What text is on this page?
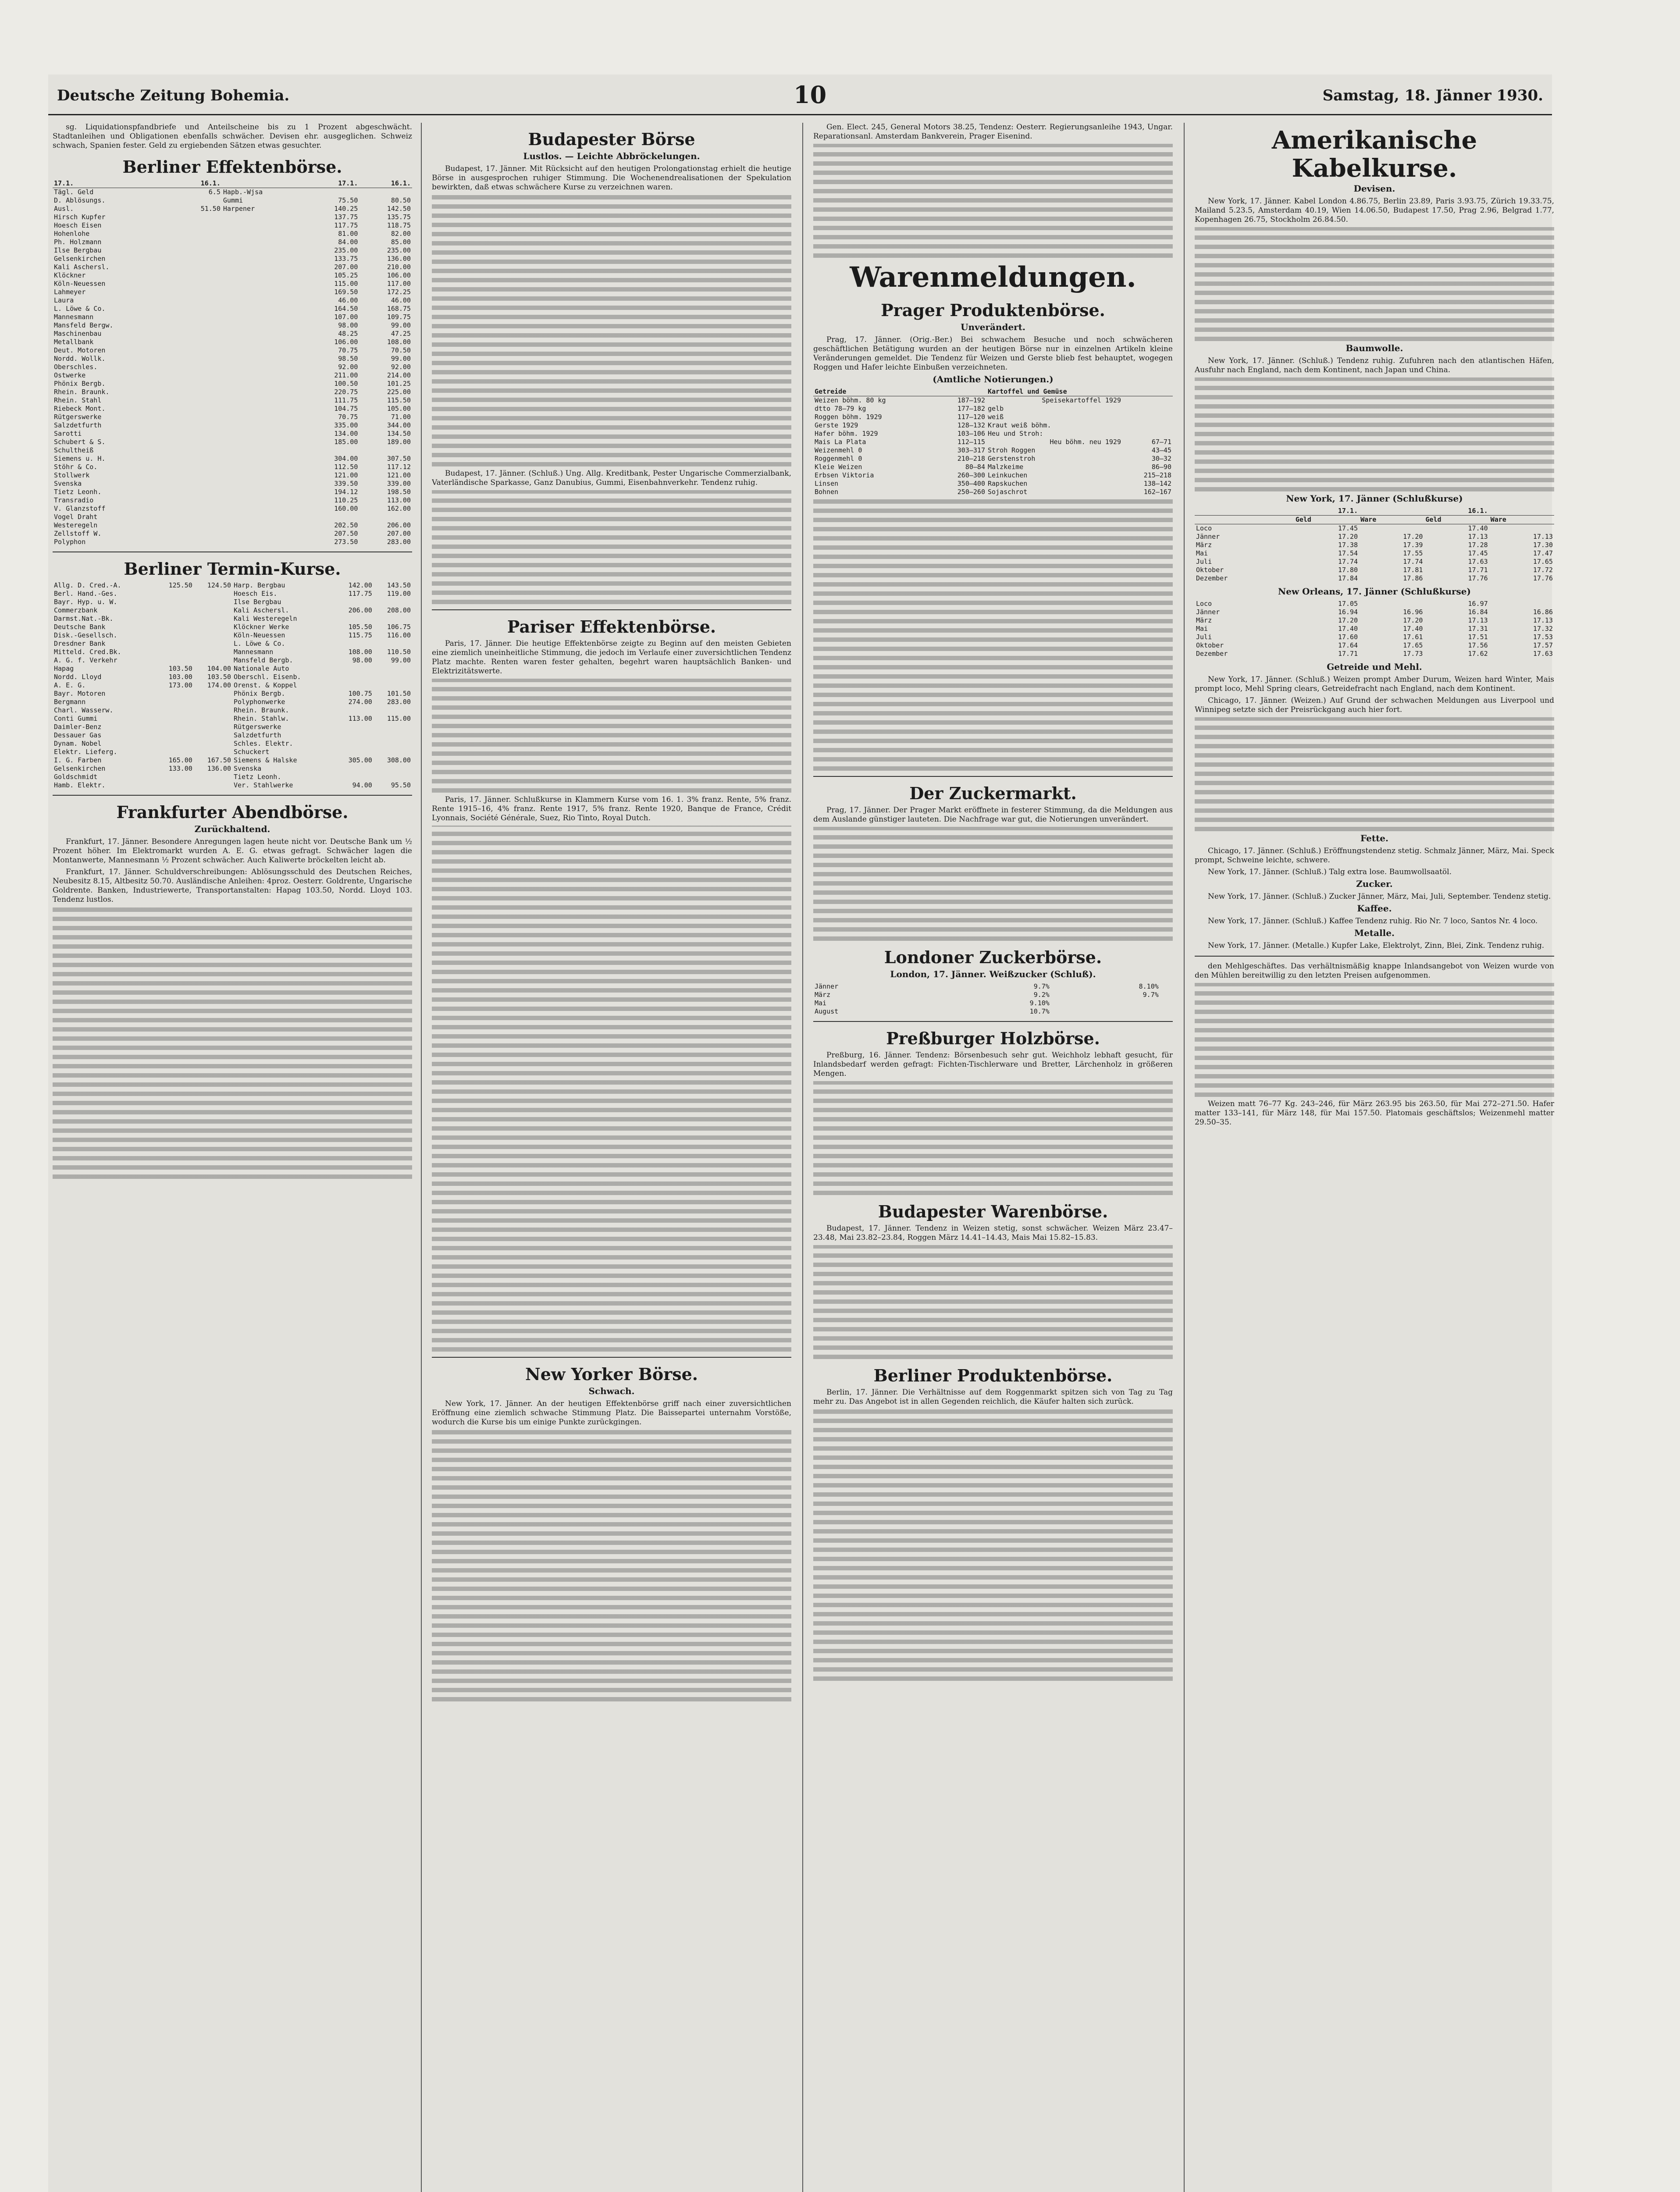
Deutsche Zeitung Bohemia.	10	Samstag, 18. Jänner 1930.

sg. Liquidationspfandbriefe und Anteilscheine bis zu 1 Prozent abgeschwächt. Stadtanleihen und Obligationen ebenfalls schwächer. Devisen ehr. ausgeglichen. Schweiz schwach, Spanien fester. Geld zu ergiebenden Sätzen etwas gesuchter.

Berliner Effektenbörse.
17.1.	16.1.		17.1.	16.1.
Tägl. Geld	6.5	Hapb.-Wjsa		
D. Ablösungs.		Gummi	75.50	80.50
Ausl.	51.50	Harpener	140.25	142.50
Hirsch Kupfer			137.75	135.75
Hoesch Eisen			117.75	118.75
Hohenlohe			81.00	82.00
Ph. Holzmann			84.00	85.00
Ilse Bergbau			235.00	235.00
Gelsenkirchen			133.75	136.00
Kali Aschersl.			207.00	210.00
Klöckner			105.25	106.00
Köln-Neuessen			115.00	117.00
Lahmeyer			169.50	172.25
Laura			46.00	46.00
L. Löwe & Co.			164.50	168.75
Mannesmann			107.00	109.75
Mansfeld Bergw.			98.00	99.00
Maschinenbau			48.25	47.25
Metallbank			106.00	108.00
Deut. Motoren			70.75	70.50
Nordd. Wollk.			98.50	99.00
Oberschles.			92.00	92.00
Ostwerke			211.00	214.00
Phönix Bergb.			100.50	101.25
Rhein. Braunk.			220.75	225.00
Rhein. Stahl			111.75	115.50
Riebeck Mont.			104.75	105.00
Rütgerswerke			70.75	71.00
Salzdetfurth			335.00	344.00
Sarotti			134.00	134.50
Schubert & S.			185.00	189.00
Schultheiß				
Siemens u. H.			304.00	307.50
Stöhr & Co.			112.50	117.12
Stollwerk			121.00	121.00
Svenska			339.50	339.00
Tietz Leonh.			194.12	198.50
Transradio			110.25	113.00
V. Glanzstoff			160.00	162.00
Vogel Draht				
Westeregeln			202.50	206.00
Zellstoff W.			207.50	207.00
Polyphon			273.50	283.00
Berliner Termin-Kurse.
Allg. D. Cred.-A.	125.50	124.50	Harp. Bergbau	142.00	143.50
Berl. Hand.-Ges.			Hoesch Eis.	117.75	119.00
Bayr. Hyp. u. W.			Ilse Bergbau		
Commerzbank			Kali Aschersl.	206.00	208.00
Darmst.Nat.-Bk.			Kali Westeregeln		
Deutsche Bank			Klöckner Werke	105.50	106.75
Disk.-Gesellsch.			Köln-Neuessen	115.75	116.00
Dresdner Bank			L. Löwe & Co.		
Mitteld. Cred.Bk.			Mannesmann	108.00	110.50
A. G. f. Verkehr			Mansfeld Bergb.	98.00	99.00
Hapag	103.50	104.00	Nationale Auto		
Nordd. Lloyd	103.00	103.50	Oberschl. Eisenb.		
A. E. G.	173.00	174.00	Orenst. & Koppel		
Bayr. Motoren			Phönix Bergb.	100.75	101.50
Bergmann			Polyphonwerke	274.00	283.00
Charl. Wasserw.			Rhein. Braunk.		
Conti Gummi			Rhein. Stahlw.	113.00	115.00
Daimler-Benz			Rütgerswerke		
Dessauer Gas			Salzdetfurth		
Dynam. Nobel			Schles. Elektr.		
Elektr. Lieferg.			Schuckert		
I. G. Farben	165.00	167.50	Siemens & Halske	305.00	308.00
Gelsenkirchen	133.00	136.00	Svenska		
Goldschmidt			Tietz Leonh.		
Hamb. Elektr.			Ver. Stahlwerke	94.00	95.50
Frankfurter Abendbörse.
Zurückhaltend.

Frankfurt, 17. Jänner. Besondere Anregungen lagen heute nicht vor. Deutsche Bank um ½ Prozent höher. Im Elektromarkt wurden A. E. G. etwas gefragt. Schwächer lagen die Montanwerte, Mannesmann ½ Prozent schwächer. Auch Kaliwerte bröckelten leicht ab.

Frankfurt, 17. Jänner. Schuldverschreibungen: Ablösungsschuld des Deutschen Reiches, Neubesitz 8.15, Altbesitz 50.70. Ausländische Anleihen: 4proz. Oesterr. Goldrente, Ungarische Goldrente. Banken, Industriewerte, Transportanstalten: Hapag 103.50, Nordd. Lloyd 103. Tendenz lustlos.

Budapester Börse
Lustlos. — Leichte Abbröckelungen.

Budapest, 17. Jänner. Mit Rücksicht auf den heutigen Prolongationstag erhielt die heutige Börse in ausgesprochen ruhiger Stimmung. Die Wochenendrealisationen der Spekulation bewirkten, daß etwas schwächere Kurse zu verzeichnen waren.

Budapest, 17. Jänner. (Schluß.) Ung. Allg. Kreditbank, Pester Ungarische Commerzialbank, Vaterländische Sparkasse, Ganz Danubius, Gummi, Eisenbahnverkehr. Tendenz ruhig.

Pariser Effektenbörse.

Paris, 17. Jänner. Die heutige Effektenbörse zeigte zu Beginn auf den meisten Gebieten eine ziemlich uneinheitliche Stimmung, die jedoch im Verlaufe einer zuversichtlichen Tendenz Platz machte. Renten waren fester gehalten, begehrt waren hauptsächlich Banken- und Elektrizitätswerte.

Paris, 17. Jänner. Schlußkurse in Klammern Kurse vom 16. 1. 3% franz. Rente, 5% franz. Rente 1915–16, 4% franz. Rente 1917, 5% franz. Rente 1920, Banque de France, Crédit Lyonnais, Société Générale, Suez, Rio Tinto, Royal Dutch.

New Yorker Börse.
Schwach.

New York, 17. Jänner. An der heutigen Effektenbörse griff nach einer zuversichtlichen Eröffnung eine ziemlich schwache Stimmung Platz. Die Baissepartei unternahm Vorstöße, wodurch die Kurse bis um einige Punkte zurückgingen.

Gen. Elect. 245, General Motors 38.25, Tendenz: Oesterr. Regierungsanleihe 1943, Ungar. Reparationsanl. Amsterdam Bankverein, Prager Eisenind.

Warenmeldungen.
Prager Produktenbörse.
Unverändert.

Prag, 17. Jänner. (Orig.-Ber.) Bei schwachem Besuche und noch schwächeren geschäftlichen Betätigung wurden an der heutigen Börse nur in einzelnen Artikeln kleine Veränderungen gemeldet. Die Tendenz für Weizen und Gerste blieb fest behauptet, wogegen Roggen und Hafer leichte Einbußen verzeichneten.

(Amtliche Notierungen.)
Getreide		Kartoffel und Gemüse	
Weizen böhm. 80 kg	187–192	Speisekartoffel 1929	
dtto 78–79 kg	177–182	gelb	
Roggen böhm. 1929	117–120	weiß	
Gerste 1929	128–132	Kraut weiß böhm.	
Hafer böhm. 1929	103–106	Heu und Stroh:	
Mais La Plata	112–115	Heu böhm. neu 1929	67–71
Weizenmehl 0	303–317	Stroh Roggen	43–45
Roggenmehl 0	210–218	Gerstenstroh	30–32
Kleie Weizen	80–84	Malzkeime	86–90
Erbsen Viktoria	260–300	Leinkuchen	215–218
Linsen	350–400	Rapskuchen	138–142
Bohnen	250–260	Sojaschrot	162–167
Der Zuckermarkt.

Prag, 17. Jänner. Der Prager Markt eröffnete in festerer Stimmung, da die Meldungen aus dem Auslande günstiger lauteten. Die Nachfrage war gut, die Notierungen unverändert.

Londoner Zuckerbörse.
London, 17. Jänner. Weißzucker (Schluß).
Jänner	9.7%	8.10%	
März	9.2%	9.7%	
Mai	9.10%		
August	10.7%		
Preßburger Holzbörse.

Preßburg, 16. Jänner. Tendenz: Börsenbesuch sehr gut. Weichholz lebhaft gesucht, für Inlandsbedarf werden gefragt: Fichten-Tischlerware und Bretter, Lärchenholz in größeren Mengen.

Budapester Warenbörse.

Budapest, 17. Jänner. Tendenz in Weizen stetig, sonst schwächer. Weizen März 23.47–23.48, Mai 23.82–23.84, Roggen März 14.41–14.43, Mais Mai 15.82–15.83.

Berliner Produktenbörse.

Berlin, 17. Jänner. Die Verhältnisse auf dem Roggenmarkt spitzen sich von Tag zu Tag mehr zu. Das Angebot ist in allen Gegenden reichlich, die Käufer halten sich zurück.

Amerikanische Kabelkurse.
Devisen.

New York, 17. Jänner. Kabel London 4.86.75, Berlin 23.89, Paris 3.93.75, Zürich 19.33.75, Mailand 5.23.5, Amsterdam 40.19, Wien 14.06.50, Budapest 17.50, Prag 2.96, Belgrad 1.77, Kopenhagen 26.75, Stockholm 26.84.50.

Baumwolle.

New York, 17. Jänner. (Schluß.) Tendenz ruhig. Zufuhren nach den atlantischen Häfen, Ausfuhr nach England, nach dem Kontinent, nach Japan und China.

New York, 17. Jänner (Schlußkurse)
	17.1.		16.1.	
	Geld	Ware	Geld	Ware
Loco	17.45		17.40	
Jänner	17.20	17.20	17.13	17.13
März	17.38	17.39	17.28	17.30
Mai	17.54	17.55	17.45	17.47
Juli	17.74	17.74	17.63	17.65
Oktober	17.80	17.81	17.71	17.72
Dezember	17.84	17.86	17.76	17.76
New Orleans, 17. Jänner (Schlußkurse)
Loco	17.05		16.97	
Jänner	16.94	16.96	16.84	16.86
März	17.20	17.20	17.13	17.13
Mai	17.40	17.40	17.31	17.32
Juli	17.60	17.61	17.51	17.53
Oktober	17.64	17.65	17.56	17.57
Dezember	17.71	17.73	17.62	17.63
Getreide und Mehl.

New York, 17. Jänner. (Schluß.) Weizen prompt Amber Durum, Weizen hard Winter, Mais prompt loco, Mehl Spring clears, Getreidefracht nach England, nach dem Kontinent.

Chicago, 17. Jänner. (Weizen.) Auf Grund der schwachen Meldungen aus Liverpool und Winnipeg setzte sich der Preisrückgang auch hier fort.

Fette.

Chicago, 17. Jänner. (Schluß.) Eröffnungstendenz stetig. Schmalz Jänner, März, Mai. Speck prompt, Schweine leichte, schwere.

New York, 17. Jänner. (Schluß.) Talg extra lose. Baumwollsaatöl.

Zucker.

New York, 17. Jänner. (Schluß.) Zucker Jänner, März, Mai, Juli, September. Tendenz stetig.

Kaffee.

New York, 17. Jänner. (Schluß.) Kaffee Tendenz ruhig. Rio Nr. 7 loco, Santos Nr. 4 loco.

Metalle.

New York, 17. Jänner. (Metalle.) Kupfer Lake, Elektrolyt, Zinn, Blei, Zink. Tendenz ruhig.

den Mehlgeschäftes. Das verhältnismäßig knappe Inlandsangebot von Weizen wurde von den Mühlen bereitwillig zu den letzten Preisen aufgenommen.

Weizen matt 76–77 Kg. 243–246, für März 263.95 bis 263.50, für Mai 272–271.50. Hafer matter 133–141, für März 148, für Mai 157.50. Platomais geschäftslos; Weizenmehl matter 29.50–35.
